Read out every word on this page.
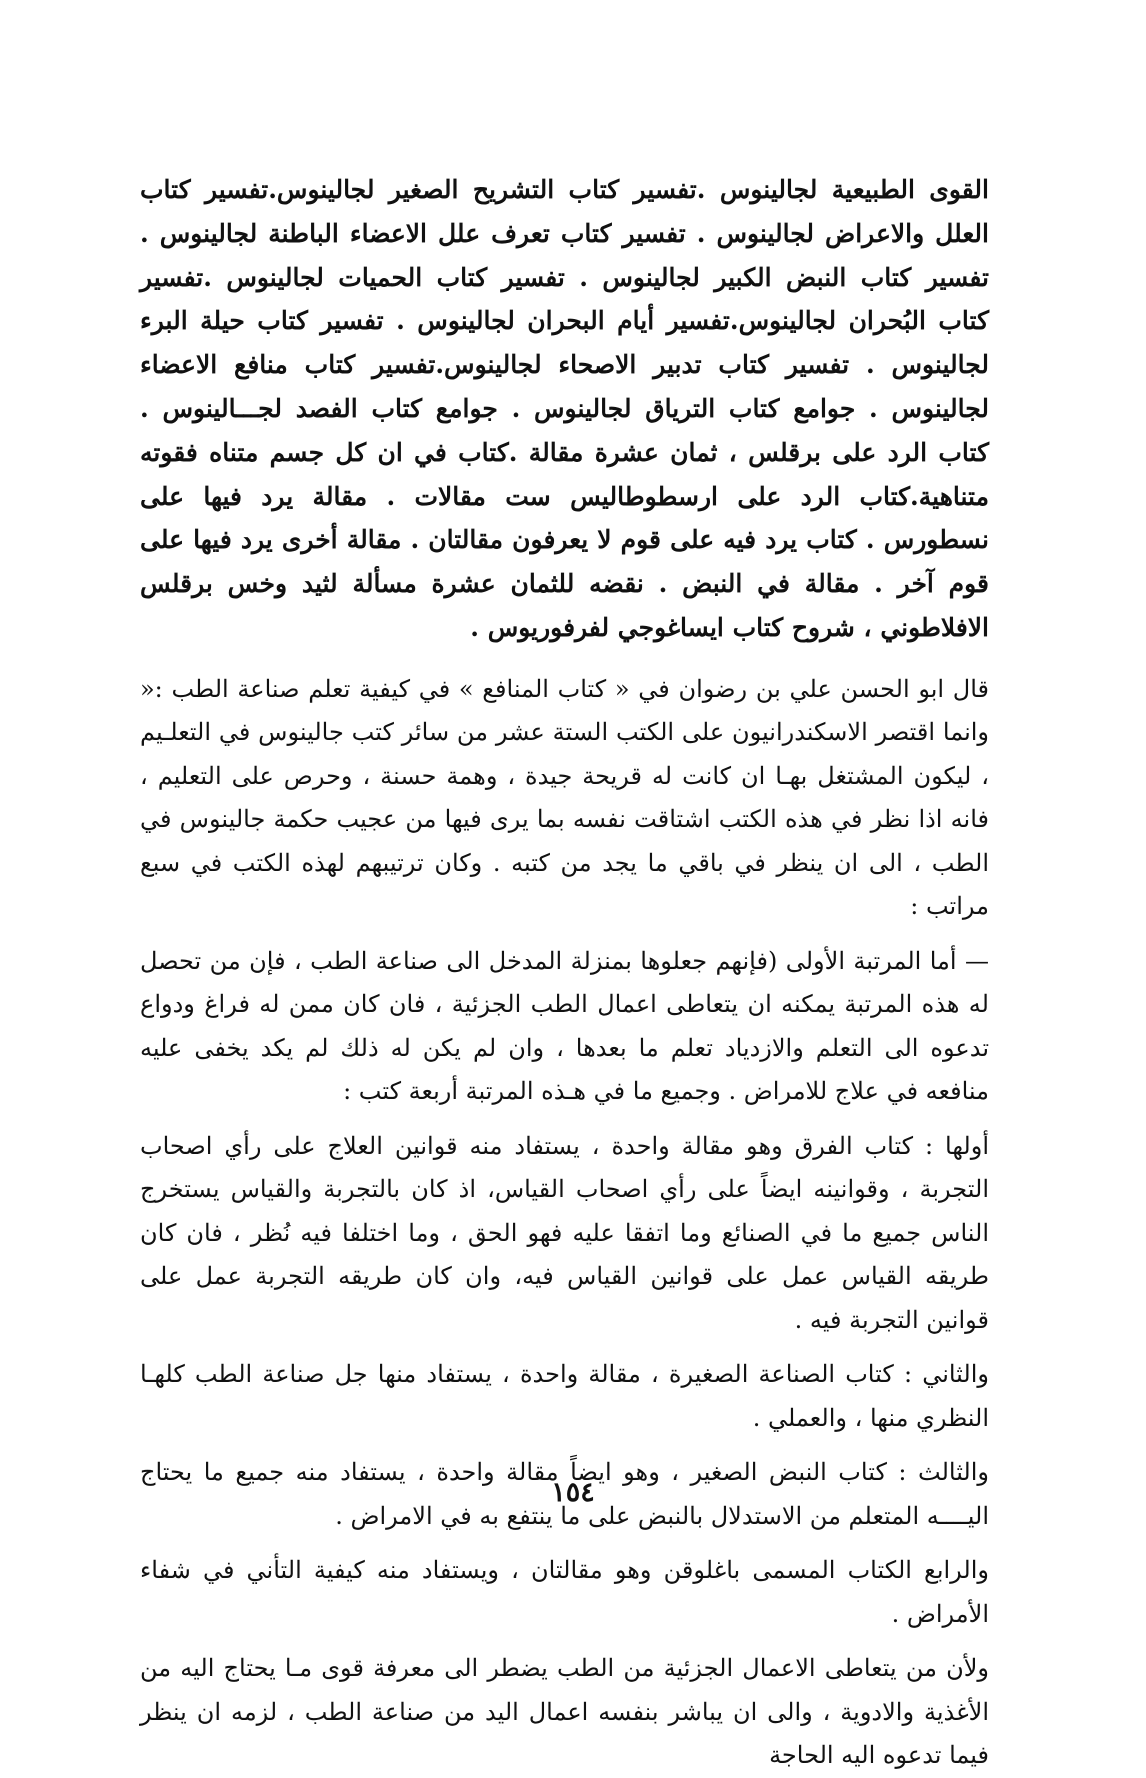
القوى الطبيعية لجالينوس .تفسير كتاب التشريح الصغير لجالينوس.تفسير كتاب العلل والاعراض لجالينوس . تفسير كتاب تعرف علل الاعضاء الباطنة لجالينوس . تفسير كتاب النبض الكبير لجالينوس . تفسير كتاب الحميات لجالينوس .تفسير كتاب البُحران لجالينوس.تفسير أيام البحران لجالينوس . تفسير كتاب حيلة البرء لجالينوس . تفسير كتاب تدبير الاصحاء لجالينوس.تفسير كتاب منافع الاعضاء لجالينوس . جوامع كتاب الترياق لجالينوس . جوامع كتاب الفصد لجـــالينوس . كتاب الرد على برقلس ، ثمان عشرة مقالة .كتاب في ان كل جسم متناه فقوته متناهية.كتاب الرد على ارسطوطاليس ست مقالات . مقالة يرد فيها على نسطورس . كتاب يرد فيه على قوم لا يعرفون مقالتان . مقالة أخرى يرد فيها على قوم آخر . مقالة في النبض . نقضه للثمان عشرة مسألة لثيد وخس برقلس الافلاطوني ، شروح كتاب ايساغوجي لفرفوريوس .

قال ابو الحسن علي بن رضوان في « كتاب المنافع » في كيفية تعلم صناعة الطب :« وانما اقتصر الاسكندرانيون على الكتب الستة عشر من سائر كتب جالينوس في التعلـيم ، ليكون المشتغل بهـا ان كانت له قريحة جيدة ، وهمة حسنة ، وحرص على التعليم ، فانه اذا نظر في هذه الكتب اشتاقت نفسه بما يرى فيها من عجيب حكمة جالينوس في الطب ، الى ان ينظر في باقي ما يجد من كتبه . وكان ترتيبهم لهذه الكتب في سبع مراتب :

— أما المرتبة الأولى (فإنهم جعلوها بمنزلة المدخل الى صناعة الطب ، فإن من تحصل له هذه المرتبة يمكنه ان يتعاطى اعمال الطب الجزئية ، فان كان ممن له فراغ ودواع تدعوه الى التعلم والازدياد تعلم ما بعدها ، وان لم يكن له ذلك لم يكد يخفى عليه منافعه في علاج للامراض . وجميع ما في هـذه المرتبة أربعة كتب :

أولها : كتاب الفرق وهو مقالة واحدة ، يستفاد منه قوانين العلاج على رأي اصحاب التجربة ، وقوانينه ايضاً على رأي اصحاب القياس، اذ كان بالتجربة والقياس يستخرج الناس جميع ما في الصنائع وما اتفقا عليه فهو الحق ، وما اختلفا فيه نُظر ، فان كان طريقه القياس عمل على قوانين القياس فيه، وان كان طريقه التجربة عمل على قوانين التجربة فيه .

والثاني : كتاب الصناعة الصغيرة ، مقالة واحدة ، يستفاد منها جل صناعة الطب كلهـا النظري منها ، والعملي .

والثالث : كتاب النبض الصغير ، وهو ايضاً مقالة واحدة ، يستفاد منه جميع ما يحتاج اليــــه المتعلم من الاستدلال بالنبض على ما ينتفع به في الامراض .

والرابع الكتاب المسمى باغلوقن وهو مقالتان ، ويستفاد منه كيفية التأني في شفاء الأمراض .

ولأن من يتعاطى الاعمال الجزئية من الطب يضطر الى معرفة قوى مـا يحتاج اليه من الأغذية والادوية ، والى ان يباشر بنفسه اعمال اليد من صناعة الطب ، لزمه ان ينظر فيما تدعوه اليه الحاجة

١٥٤
